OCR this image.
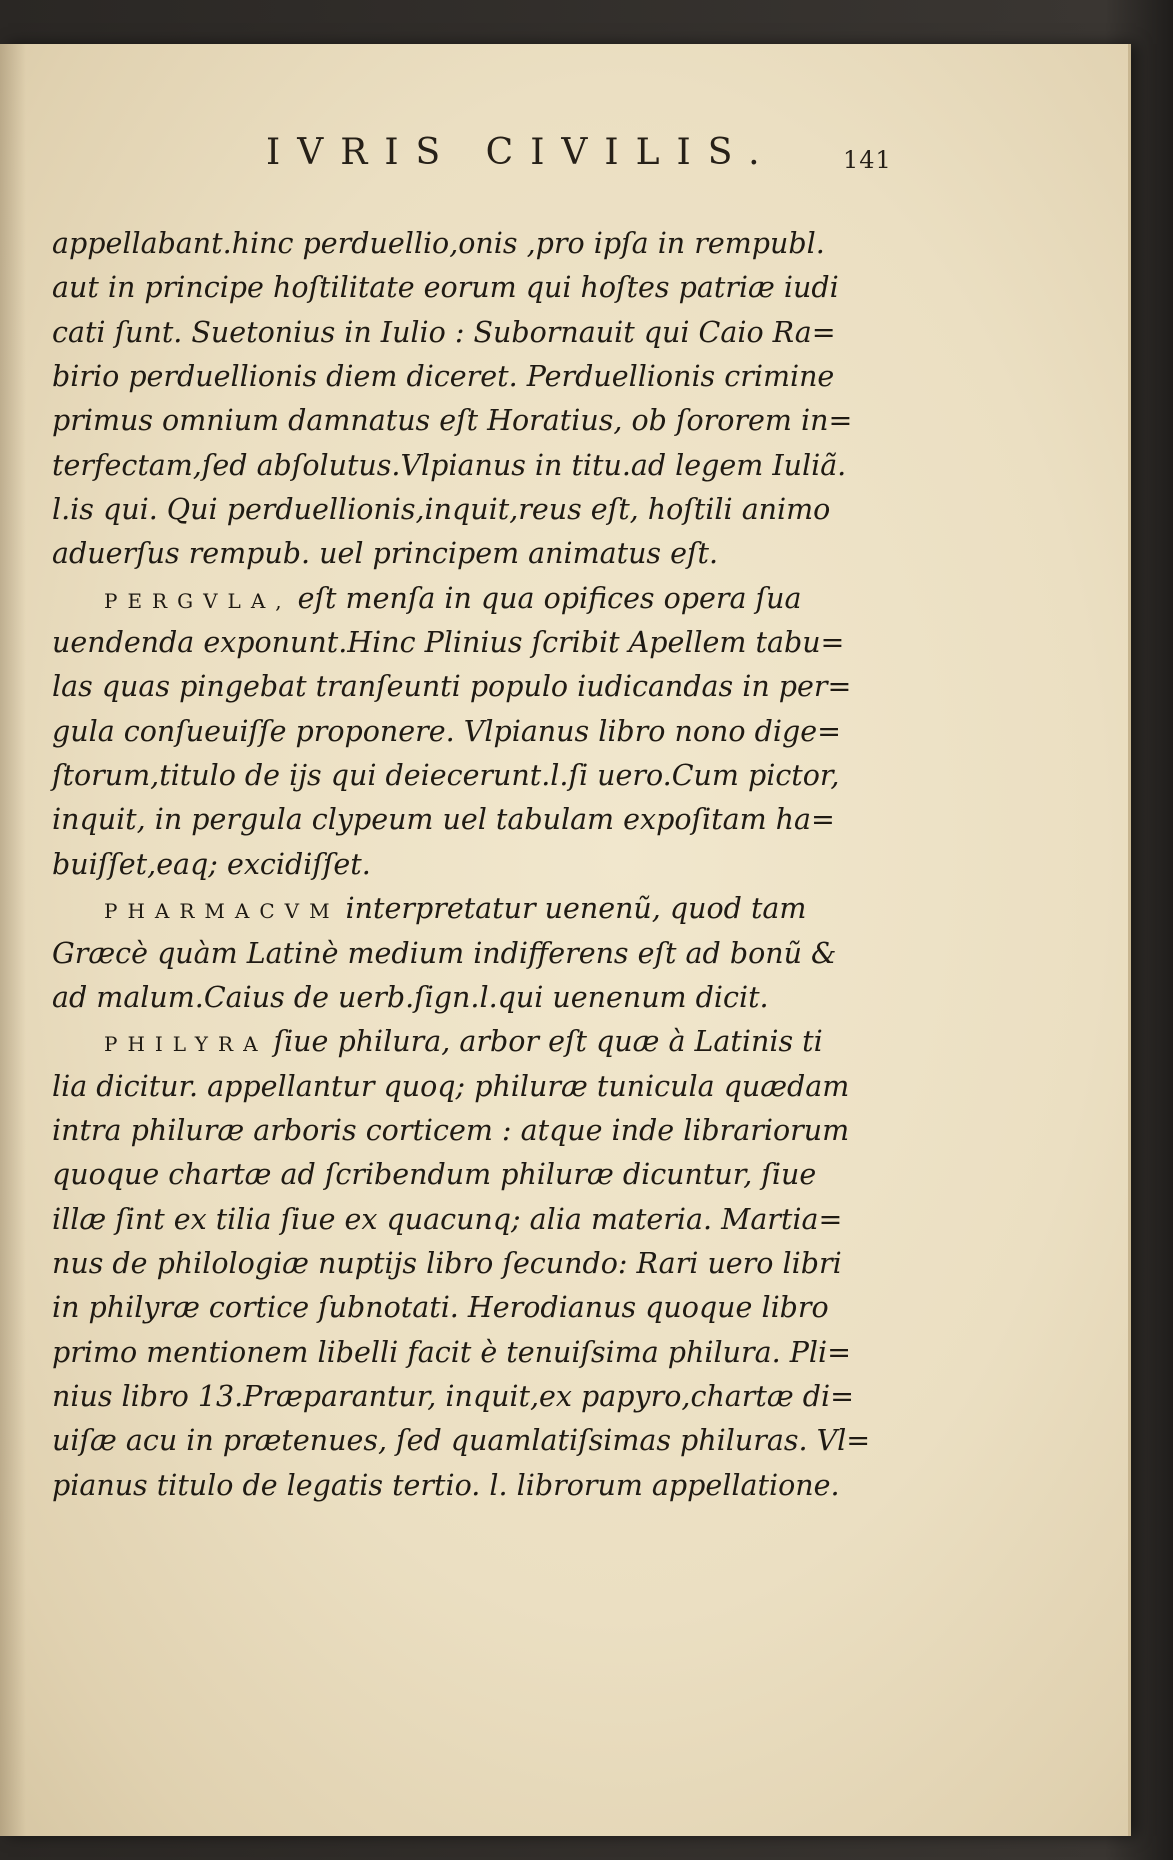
IVRIS CIVILIS.	141
appellabant.hinc perduellio,onis ,pro ipſa in rempubl.
aut in principe hoſtilitate eorum qui hoſtes patriæ iudi
cati ſunt. Suetonius in Iulio : Subornauit qui Caio Ra=
birio perduellionis diem diceret. Perduellionis crimine
primus omnium damnatus eſt Horatius, ob ſororem in=
terfectam,ſed abſolutus.Vlpianus in titu.ad legem Iuliã.
l.is qui. Qui perduellionis,inquit,reus eſt, hoſtili animo
aduerſus rempub. uel principem animatus eſt.
PERGVLA, eſt menſa in qua opifices opera ſua
uendenda exponunt.Hinc Plinius ſcribit Apellem tabu=
las quas pingebat tranſeunti populo iudicandas in per=
gula conſueuiſſe proponere. Vlpianus libro nono dige=
ſtorum,titulo de ijs qui deiecerunt.l.ſi uero.Cum pictor,
inquit, in pergula clypeum uel tabulam expoſitam ha=
buiſſet,eaq; excidiſſet.
PHARMACVM interpretatur uenenũ, quod tam
Græcè quàm Latinè medium indifferens eſt ad bonũ &
ad malum.Caius de uerb.ſign.l.qui uenenum dicit.
PHILYRA ſiue philura, arbor eſt quæ à Latinis ti
lia dicitur. appellantur quoq; philuræ tunicula quædam
intra philuræ arboris corticem : atque inde librariorum
quoque chartæ ad ſcribendum philuræ dicuntur, ſiue
illæ ſint ex tilia ſiue ex quacunq; alia materia. Martia=
nus de philologiæ nuptijs libro ſecundo: Rari uero libri
in philyræ cortice ſubnotati. Herodianus quoque libro
primo mentionem libelli facit è tenuiſsima philura. Pli=
nius libro 13.Præparantur, inquit,ex papyro,chartæ di=
uiſæ acu in prætenues, ſed quamlatiſsimas philuras. Vl=
pianus titulo de legatis tertio. l. librorum appellatione.
